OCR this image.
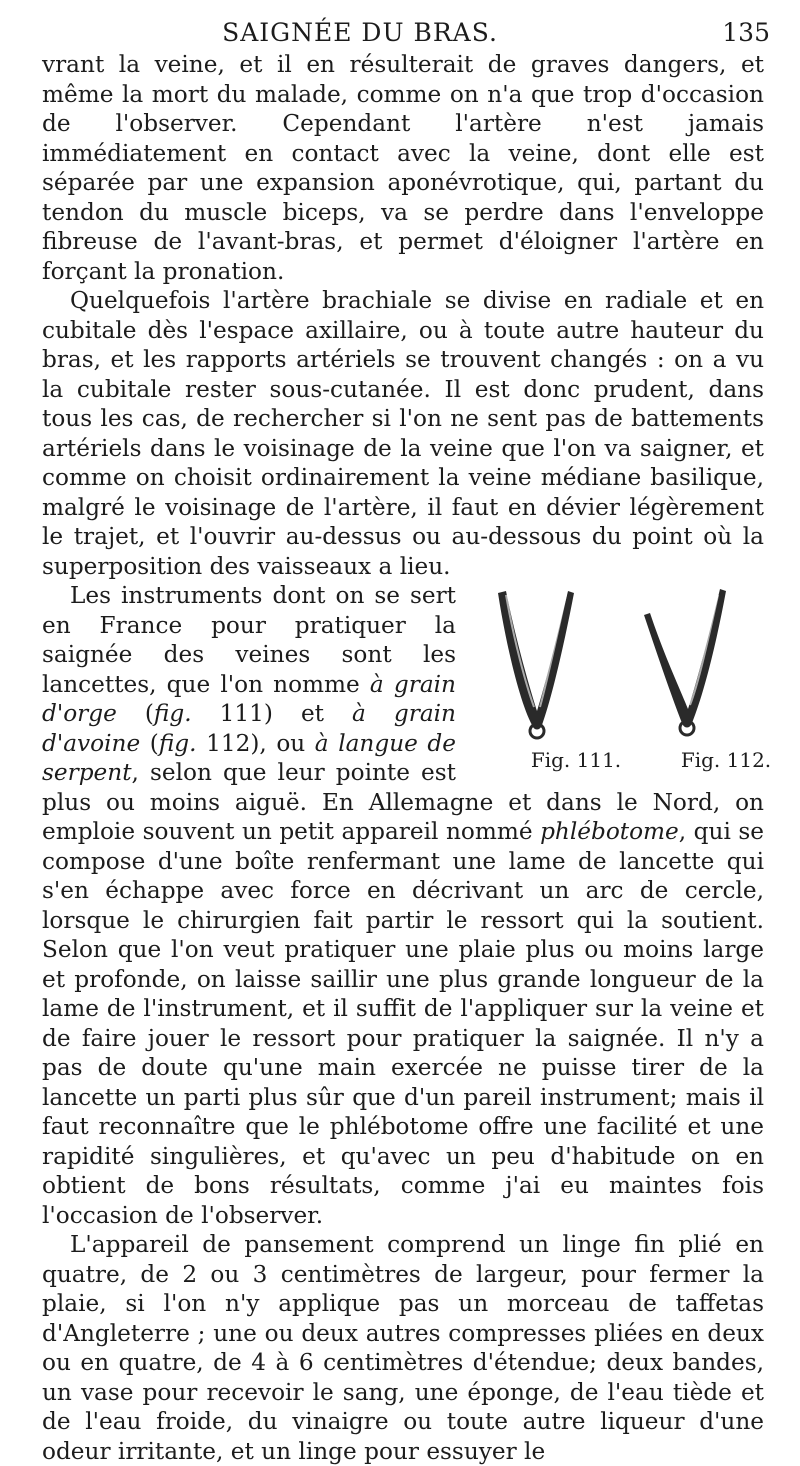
SAIGNÉE DU BRAS.	135

vrant la veine, et il en résulterait de graves dangers, et même la mort du malade, comme on n'a que trop d'occasion de l'observer. Cependant l'artère n'est jamais immédiatement en contact avec la veine, dont elle est séparée par une expansion aponévrotique, qui, partant du tendon du muscle biceps, va se perdre dans l'enveloppe fibreuse de l'avant-bras, et permet d'éloigner l'artère en forçant la pronation.

Quelquefois l'artère brachiale se divise en radiale et en cubitale dès l'espace axillaire, ou à toute autre hauteur du bras, et les rapports artériels se trouvent changés : on a vu la cubitale rester sous-cutanée. Il est donc prudent, dans tous les cas, de rechercher si l'on ne sent pas de battements artériels dans le voisinage de la veine que l'on va saigner, et comme on choisit ordinairement la veine médiane basilique, malgré le voisinage de l'artère, il faut en dévier légèrement le trajet, et l'ouvrir au-dessus ou au-dessous du point où la superposition des vaisseaux a lieu.

Fig. 111.	Fig. 112.
Les instruments dont on se sert en France pour pratiquer la saignée des veines sont les lancettes, que l'on nomme à grain d'orge (fig. 111) et à grain d'avoine (fig. 112), ou à langue de serpent, selon que leur pointe est plus ou moins aiguë. En Allemagne et dans le Nord, on emploie souvent un petit appareil nommé phlébotome, qui se compose d'une boîte renfermant une lame de lancette qui s'en échappe avec force en décrivant un arc de cercle, lorsque le chirurgien fait partir le ressort qui la soutient. Selon que l'on veut pratiquer une plaie plus ou moins large et profonde, on laisse saillir une plus grande longueur de la lame de l'instrument, et il suffit de l'appliquer sur la veine et de faire jouer le ressort pour pratiquer la saignée. Il n'y a pas de doute qu'une main exercée ne puisse tirer de la lancette un parti plus sûr que d'un pareil instrument; mais il faut reconnaître que le phlébotome offre une facilité et une rapidité singulières, et qu'avec un peu d'habitude on en obtient de bons résultats, comme j'ai eu maintes fois l'occasion de l'observer.

L'appareil de pansement comprend un linge fin plié en quatre, de 2 ou 3 centimètres de largeur, pour fermer la plaie, si l'on n'y applique pas un morceau de taffetas d'Angleterre ; une ou deux autres compresses pliées en deux ou en quatre, de 4 à 6 centimètres d'étendue; deux bandes, un vase pour recevoir le sang, une éponge, de l'eau tiède et de l'eau froide, du vinaigre ou toute autre liqueur d'une odeur irritante, et un linge pour essuyer le
